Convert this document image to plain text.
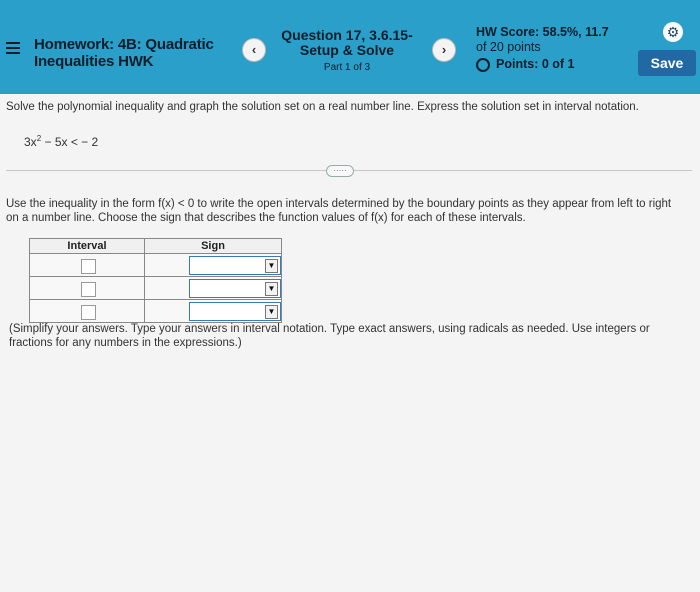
Homework: 4B: Quadratic Inequalities HWK
‹
Question 17, 3.6.15-
Setup & Solve
Part 1 of 3
›
HW Score: 58.5%, 11.7
of 20 points
Points: 0 of 1
⚙
Save
Solve the polynomial inequality and graph the solution set on a real number line. Express the solution set in interval notation.
$3x^2 - 5x$ < − 2
·····
Use the inequality in the form f(x) < 0 to write the open intervals determined by the boundary points as they appear from left to right on a number line. Choose the sign that describes the function values of f(x) for each of these intervals.
Interval	Sign

	▼

	▼

	▼
(Simplify your answers. Type your answers in interval notation. Type exact answers, using radicals as needed. Use integers or fractions for any numbers in the expressions.)
